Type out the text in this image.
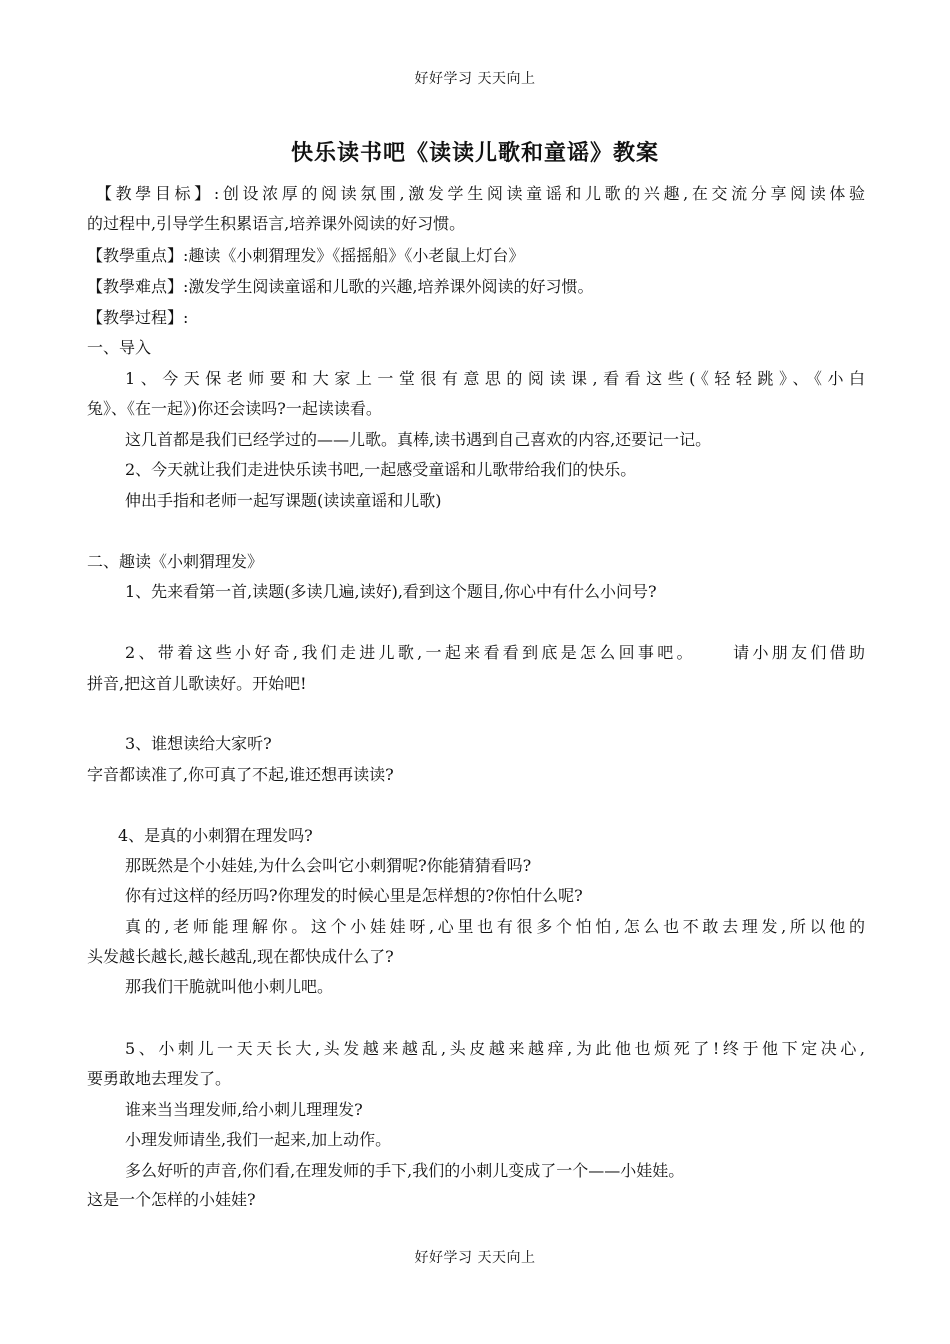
好好学习 天天向上
快乐读书吧《读读儿歌和童谣》教案
【教學目标】:创设浓厚的阅读氛围,激发学生阅读童谣和儿歌的兴趣,在交流分享阅读体验
的过程中,引导学生积累语言,培养课外阅读的好习惯。
【教學重点】:趣读《小刺猬理发》《摇摇船》《小老鼠上灯台》
【教學难点】:激发学生阅读童谣和儿歌的兴趣,培养课外阅读的好习惯。
【教學过程】:
一、导入
1、今天保老师要和大家上一堂很有意思的阅读课,看看这些(《轻轻跳》、《小白
兔》、《在一起》)你还会读吗?一起读读看。
这几首都是我们已经学过的——儿歌。真棒,读书遇到自己喜欢的内容,还要记一记。
2、今天就让我们走进快乐读书吧,一起感受童谣和儿歌带给我们的快乐。
伸出手指和老师一起写课题(读读童谣和儿歌)
二、趣读《小刺猬理发》
1、先来看第一首,读题(多读几遍,读好),看到这个题目,你心中有什么小问号?
2、带着这些小好奇,我们走进儿歌,一起来看看到底是怎么回事吧。 请小朋友们借助
拼音,把这首儿歌读好。开始吧!
3、谁想读给大家听?
字音都读准了,你可真了不起,谁还想再读读?
4、是真的小刺猬在理发吗?
那既然是个小娃娃,为什么会叫它小刺猬呢?你能猜猜看吗?
你有过这样的经历吗?你理发的时候心里是怎样想的?你怕什么呢?
真的,老师能理解你。这个小娃娃呀,心里也有很多个怕怕,怎么也不敢去理发,所以他的
头发越长越长,越长越乱,现在都快成什么了?
那我们干脆就叫他小刺儿吧。
5、小刺儿一天天长大,头发越来越乱,头皮越来越痒,为此他也烦死了!终于他下定决心,
要勇敢地去理发了。
谁来当当理发师,给小刺儿理理发?
小理发师请坐,我们一起来,加上动作。
多么好听的声音,你们看,在理发师的手下,我们的小刺儿变成了一个——小娃娃。
这是一个怎样的小娃娃?
好好学习 天天向上
